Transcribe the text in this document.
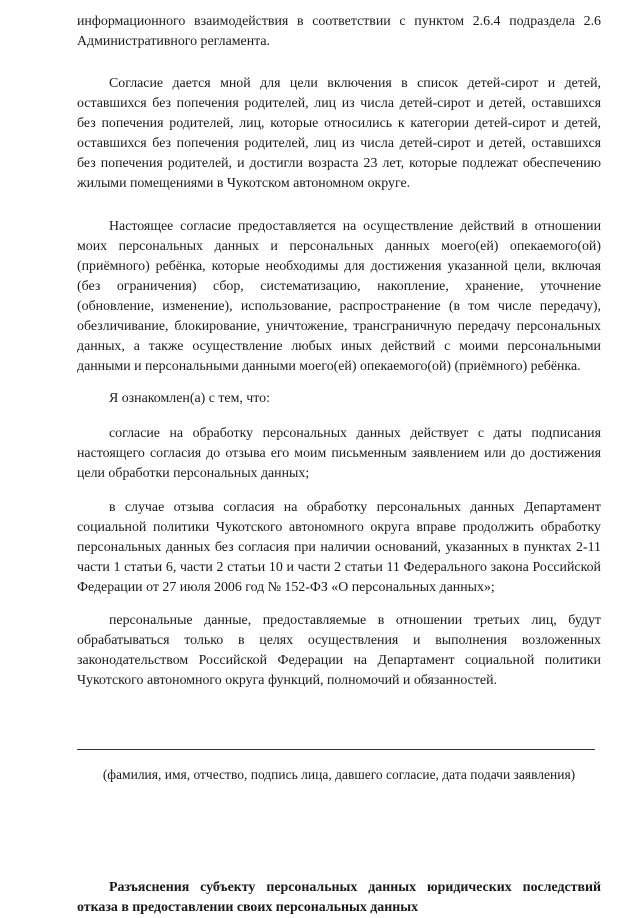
информационного взаимодействия в соответствии с пунктом 2.6.4 подраздела 2.6 Административного регламента.

Согласие дается мной для цели включения в список детей-сирот и детей, оставшихся без попечения родителей, лиц из числа детей-сирот и детей, оставшихся без попечения родителей, лиц, которые относились к категории детей-сирот и детей, оставшихся без попечения родителей, лиц из числа детей-сирот и детей, оставшихся без попечения родителей, и достигли возраста 23 лет, которые подлежат обеспечению жилыми помещениями в Чукотском автономном округе.

Настоящее согласие предоставляется на осуществление действий в отношении моих персональных данных и персональных данных моего(ей) опекаемого(ой) (приёмного) ребёнка, которые необходимы для достижения указанной цели, включая (без ограничения) сбор, систематизацию, накопление, хранение, уточнение (обновление, изменение), использование, распространение (в том числе передачу), обезличивание, блокирование, уничтожение, трансграничную передачу персональных данных, а также осуществление любых иных действий с моими персональными данными и персональными данными моего(ей) опекаемого(ой) (приёмного) ребёнка.

Я ознакомлен(а) с тем, что:

согласие на обработку персональных данных действует с даты подписания настоящего согласия до отзыва его моим письменным заявлением или до достижения цели обработки персональных данных;

в случае отзыва согласия на обработку персональных данных Департамент социальной политики Чукотского автономного округа вправе продолжить обработку персональных данных без согласия при наличии оснований, указанных в пунктах 2-11 части 1 статьи 6, части 2 статьи 10 и части 2 статьи 11 Федерального закона Российской Федерации от 27 июля 2006 год № 152-ФЗ «О персональных данных»;

персональные данные, предоставляемые в отношении третьих лиц, будут обрабатываться только в целях осуществления и выполнения возложенных законодательством Российской Федерации на Департамент социальной политики Чукотского автономного округа функций, полномочий и обязанностей.

(фамилия, имя, отчество, подпись лица, давшего согласие, дата подачи заявления)
Разъяснения субъекту персональных данных юридических последствий отказа в предоставлении своих персональных данных
